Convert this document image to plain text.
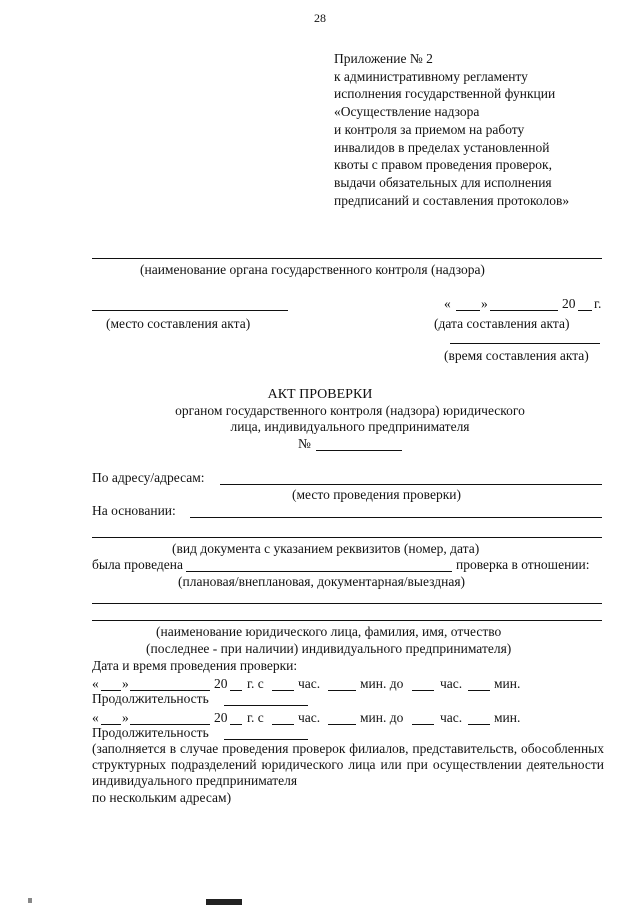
28
Приложение № 2
к административному регламенту
исполнения государственной функции
«Осуществление надзора
и контроля за приемом на работу
инвалидов в пределах установленной
квоты с правом проведения проверок,
выдачи обязательных для исполнения
предписаний и составления протоколов»
(наименование органа государственного контроля (надзора)
« »	20 г.
(место составления акта)	(дата составления акта)
(время составления акта)
АКТ ПРОВЕРКИ
органом государственного контроля (надзора) юридического
лица, индивидуального предпринимателя
№
По адресу/адресам:
(место проведения проверки)
На основании:
(вид документа с указанием реквизитов (номер, дата)
была проведена	проверка в отношении:
(плановая/внеплановая, документарная/выездная)
(наименование юридического лица, фамилия, имя, отчество
(последнее - при наличии) индивидуального предпринимателя)
Дата и время проведения проверки:
« »	20 г. с	час.	мин. до	час. мин.
Продолжительность
« »	20 г. с	час.	мин. до	час. мин.
Продолжительность
(заполняется в случае проведения проверок филиалов, представительств, обособленных структурных подразделений юридического лица или при осуществлении деятельности индивидуального предпринимателя
по нескольким адресам)
